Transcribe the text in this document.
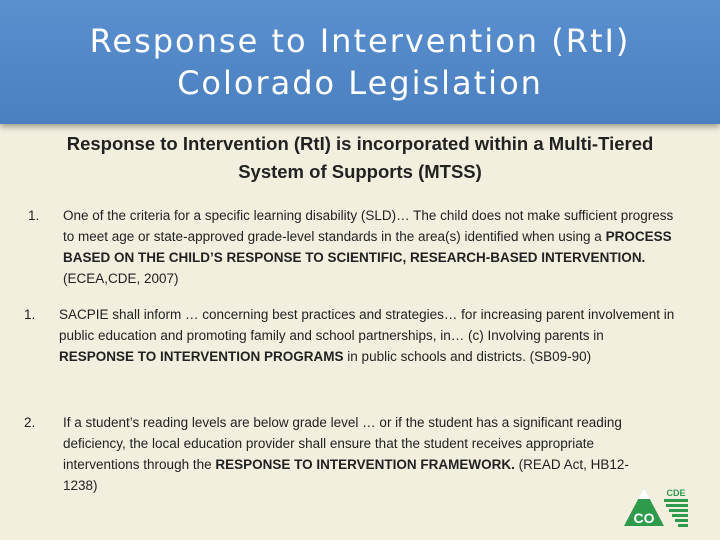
Response to Intervention (RtI)
Colorado Legislation
Response to Intervention (RtI) is incorporated within a Multi-Tiered System of Supports (MTSS)
1. One of the criteria for a specific learning disability (SLD)… The child does not make sufficient progress to meet age or state-approved grade-level standards in the area(s) identified when using a PROCESS BASED ON THE CHILD’S RESPONSE TO SCIENTIFIC, RESEARCH-BASED INTERVENTION. (ECEA,CDE, 2007)
1. SACPIE shall inform … concerning best practices and strategies… for increasing parent involvement in public education and promoting family and school partnerships, in… (c) Involving parents in RESPONSE TO INTERVENTION PROGRAMS in public schools and districts. (SB09-90)
2. If a student’s reading levels are below grade level … or if the student has a significant reading deficiency, the local education provider shall ensure that the student receives appropriate interventions through the RESPONSE TO INTERVENTION FRAMEWORK. (READ Act, HB12-1238)
CO
CDE
